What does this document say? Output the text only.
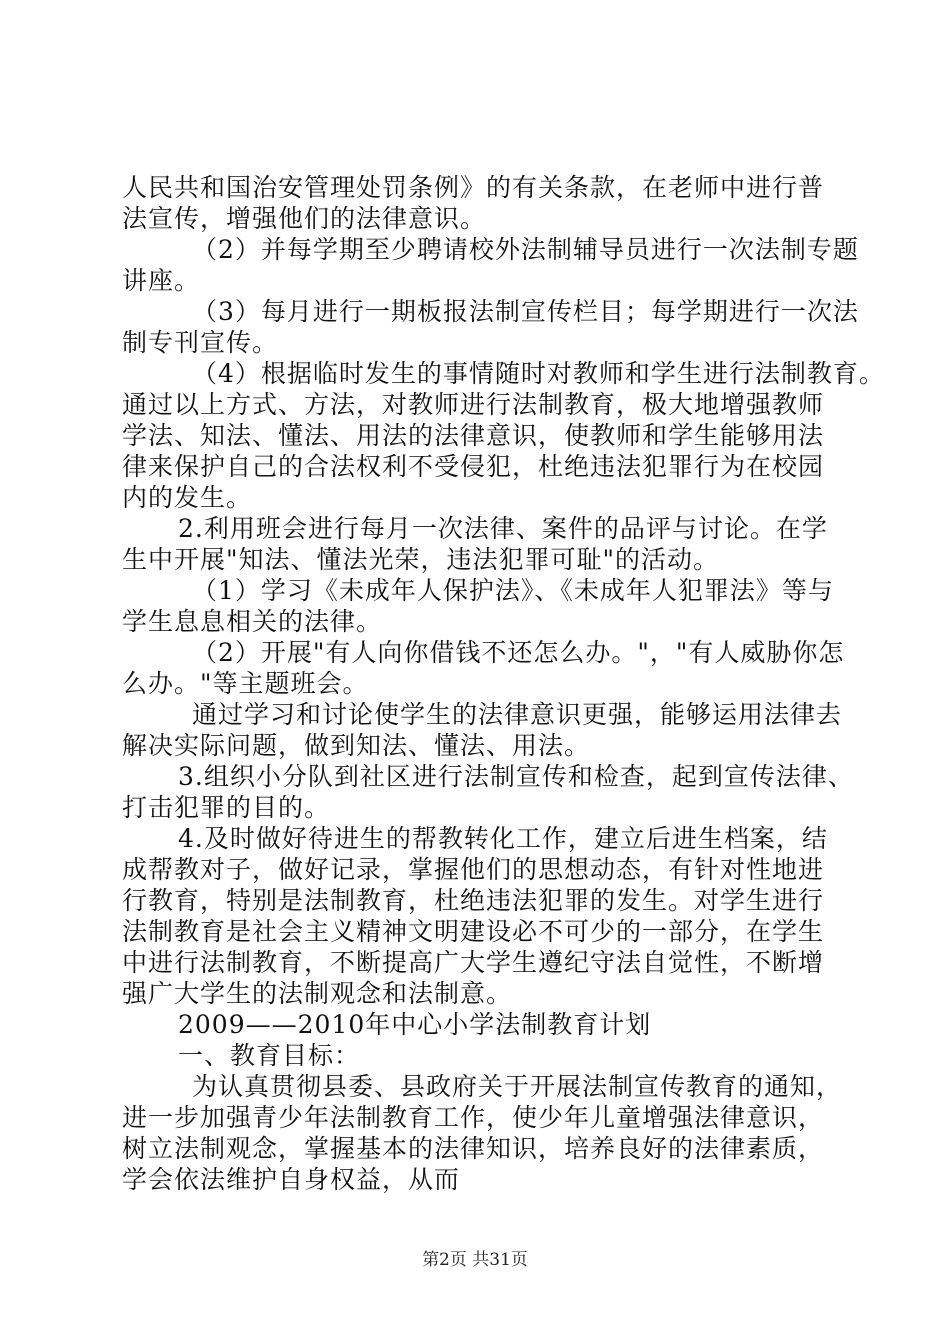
人民共和国治安管理处罚条例》的有关条款，在老师中进行普
法宣传，增强他们的法律意识。
（2）并每学期至少聘请校外法制辅导员进行一次法制专题
讲座。
（3）每月进行一期板报法制宣传栏目；每学期进行一次法
制专刊宣传。
（4）根据临时发生的事情随时对教师和学生进行法制教育。
通过以上方式、方法，对教师进行法制教育，极大地增强教师
学法、知法、懂法、用法的法律意识，使教师和学生能够用法
律来保护自己的合法权利不受侵犯，杜绝违法犯罪行为在校园
内的发生。
2.利用班会进行每月一次法律、案件的品评与讨论。在学
生中开展"知法、懂法光荣，违法犯罪可耻"的活动。
（1）学习《未成年人保护法》、《未成年人犯罪法》等与
学生息息相关的法律。
（2）开展"有人向你借钱不还怎么办。"，"有人威胁你怎
么办。"等主题班会。
通过学习和讨论使学生的法律意识更强，能够运用法律去
解决实际问题，做到知法、懂法、用法。
3.组织小分队到社区进行法制宣传和检查，起到宣传法律、
打击犯罪的目的。
4.及时做好待进生的帮教转化工作，建立后进生档案，结
成帮教对子，做好记录，掌握他们的思想动态，有针对性地进
行教育，特别是法制教育，杜绝违法犯罪的发生。对学生进行
法制教育是社会主义精神文明建设必不可少的一部分，在学生
中进行法制教育，不断提高广大学生遵纪守法自觉性，不断增
强广大学生的法制观念和法制意。
2009——2010年中心小学法制教育计划
一、教育目标：
为认真贯彻县委、县政府关于开展法制宣传教育的通知，
进一步加强青少年法制教育工作，使少年儿童增强法律意识，
树立法制观念，掌握基本的法律知识，培养良好的法律素质，
学会依法维护自身权益，从而
第2页 共31页
